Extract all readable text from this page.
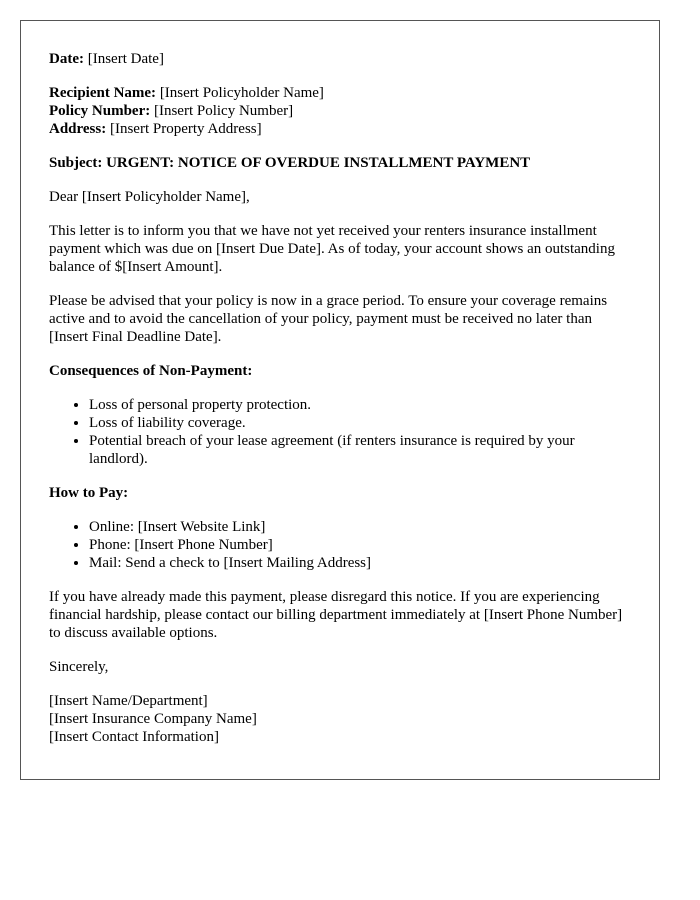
Date: [Insert Date]

Recipient Name: [Insert Policyholder Name]
Policy Number: [Insert Policy Number]
Address: [Insert Property Address]

Subject: URGENT: NOTICE OF OVERDUE INSTALLMENT PAYMENT

Dear [Insert Policyholder Name],

This letter is to inform you that we have not yet received your renters insurance installment payment which was due on [Insert Due Date]. As of today, your account shows an outstanding balance of $[Insert Amount].

Please be advised that your policy is now in a grace period. To ensure your coverage remains active and to avoid the cancellation of your policy, payment must be received no later than [Insert Final Deadline Date].

Consequences of Non-Payment:

• Loss of personal property protection.
• Loss of liability coverage.
• Potential breach of your lease agreement (if renters insurance is required by your landlord).

How to Pay:

• Online: [Insert Website Link]
• Phone: [Insert Phone Number]
• Mail: Send a check to [Insert Mailing Address]

If you have already made this payment, please disregard this notice. If you are experiencing financial hardship, please contact our billing department immediately at [Insert Phone Number] to discuss available options.

Sincerely,

[Insert Name/Department]
[Insert Insurance Company Name]
[Insert Contact Information]
